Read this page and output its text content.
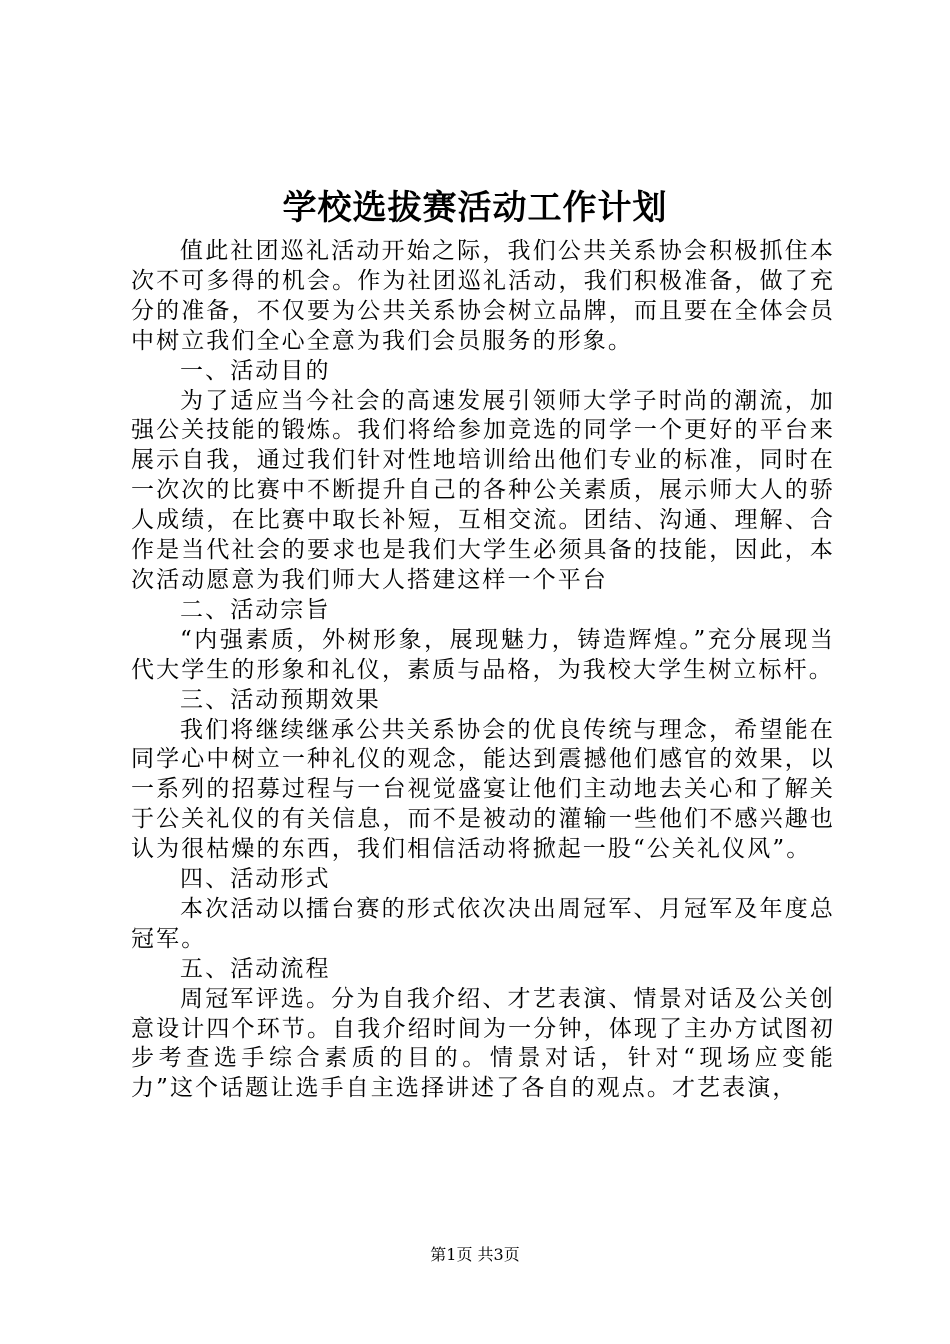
学校选拔赛活动工作计划

值此社团巡礼活动开始之际，我们公共关系协会积极抓住本次不可多得的机会。作为社团巡礼活动，我们积极准备，做了充分的准备，不仅要为公共关系协会树立品牌，而且要在全体会员中树立我们全心全意为我们会员服务的形象。

一、活动目的

为了适应当今社会的高速发展引领师大学子时尚的潮流，加强公关技能的锻炼。我们将给参加竞选的同学一个更好的平台来展示自我，通过我们针对性地培训给出他们专业的标准，同时在一次次的比赛中不断提升自己的各种公关素质，展示师大人的骄人成绩，在比赛中取长补短，互相交流。团结、沟通、理解、合作是当代社会的要求也是我们大学生必须具备的技能，因此，本次活动愿意为我们师大人搭建这样一个平台

二、活动宗旨

“内强素质，外树形象，展现魅力，铸造辉煌。”充分展现当代大学生的形象和礼仪，素质与品格，为我校大学生树立标杆。

三、活动预期效果

我们将继续继承公共关系协会的优良传统与理念，希望能在同学心中树立一种礼仪的观念，能达到震撼他们感官的效果，以一系列的招募过程与一台视觉盛宴让他们主动地去关心和了解关于公关礼仪的有关信息，而不是被动的灌输一些他们不感兴趣也认为很枯燥的东西，我们相信活动将掀起一股“公关礼仪风”。

四、活动形式

本次活动以擂台赛的形式依次决出周冠军、月冠军及年度总冠军。

五、活动流程

周冠军评选。分为自我介绍、才艺表演、情景对话及公关创意设计四个环节。自我介绍时间为一分钟，体现了主办方试图初步考查选手综合素质的目的。情景对话，针对“现场应变能力”这个话题让选手自主选择讲述了各自的观点。才艺表演，

第1页 共3页
